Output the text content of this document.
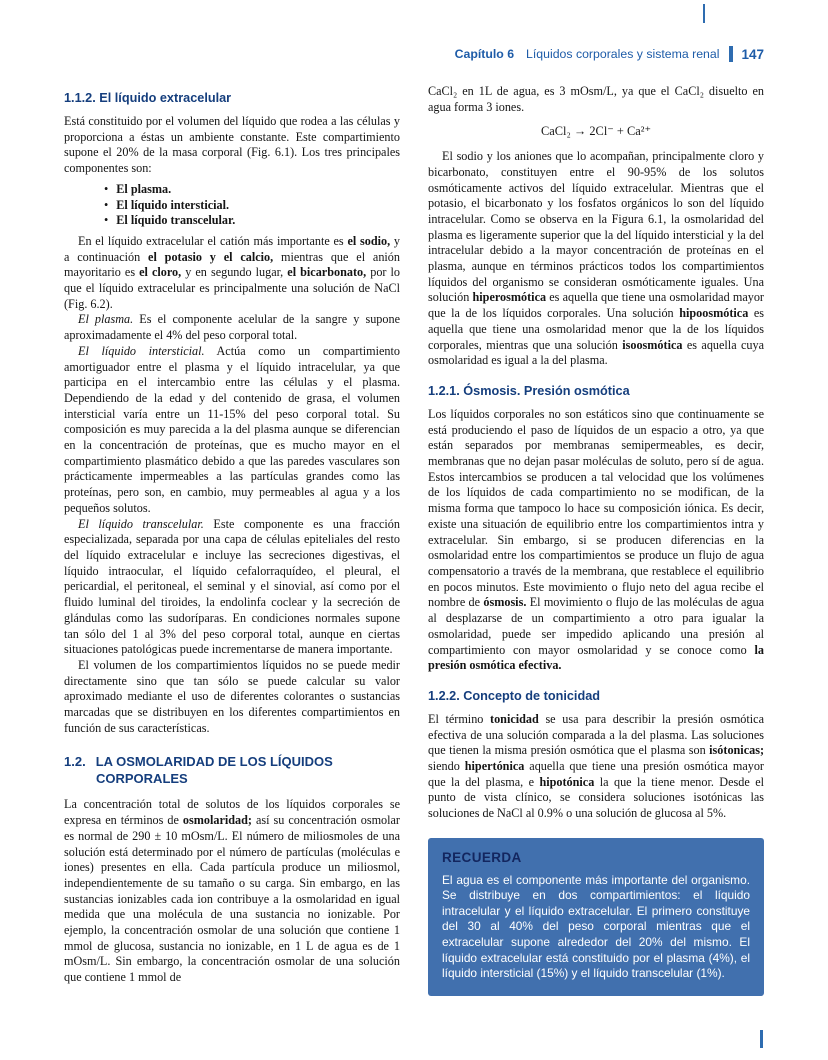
Capítulo 6 Líquidos corporales y sistema renal 147
1.1.2. El líquido extracelular

Está constituido por el volumen del líquido que rodea a las células y proporciona a éstas un ambiente constante. Este compartimiento supone el 20% de la masa corporal (Fig. 6.1). Los tres principales componentes son:

• El plasma.
• El líquido intersticial.
• El líquido transcelular.

En el líquido extracelular el catión más importante es el sodio, y a continuación el potasio y el calcio, mientras que el anión mayoritario es el cloro, y en segundo lugar, el bicarbonato, por lo que el líquido extracelular es principalmente una solución de NaCl (Fig. 6.2).

El plasma. Es el componente acelular de la sangre y supone aproximadamente el 4% del peso corporal total.

El líquido intersticial. Actúa como un compartimiento amortiguador entre el plasma y el líquido intracelular, ya que participa en el intercambio entre las células y el plasma. Dependiendo de la edad y del contenido de grasa, el volumen intersticial varía entre un 11-15% del peso corporal total. Su composición es muy parecida a la del plasma aunque se diferencian en la concentración de proteínas, que es mucho mayor en el compartimiento plasmático debido a que las paredes vasculares son prácticamente impermeables a las partículas grandes como las proteínas, pero son, en cambio, muy permeables al agua y a los pequeños solutos.

El líquido transcelular. Este componente es una fracción especializada, separada por una capa de células epiteliales del resto del líquido extracelular e incluye las secreciones digestivas, el líquido intraocular, el líquido cefalorraquídeo, el pleural, el pericardial, el peritoneal, el seminal y el sinovial, así como por el fluido luminal del tiroides, la endolinfa coclear y la secreción de glándulas como las sudoríparas. En condiciones normales supone tan sólo del 1 al 3% del peso corporal total, aunque en ciertas situaciones patológicas puede incrementarse de manera importante.

El volumen de los compartimientos líquidos no se puede medir directamente sino que tan sólo se puede calcular su valor aproximado mediante el uso de diferentes colorantes o sustancias marcadas que se distribuyen en los diferentes compartimientos en función de sus características.

1.2. LA OSMOLARIDAD DE LOS LÍQUIDOS CORPORALES

La concentración total de solutos de los líquidos corporales se expresa en términos de osmolaridad; así su concentración osmolar es normal de 290 ± 10 mOsm/L. El número de miliosmoles de una solución está determinado por el número de partículas (moléculas e iones) presentes en ella. Cada partícula produce un miliosmol, independientemente de su tamaño o su carga. Sin embargo, en las sustancias ionizables cada ion contribuye a la osmolaridad en igual medida que una molécula de una sustancia no ionizable. Por ejemplo, la concentración osmolar de una solución que contiene 1 mmol de glucosa, sustancia no ionizable, en 1 L de agua es de 1 mOsm/L. Sin embargo, la concentración osmolar de una solución que contiene 1 mmol de

CaCl₂ en 1L de agua, es 3 mOsm/L, ya que el CaCl₂ disuelto en agua forma 3 iones.

CaCl₂ → 2Cl⁻ + Ca²⁺

El sodio y los aniones que lo acompañan, principalmente cloro y bicarbonato, constituyen entre el 90-95% de los solutos osmóticamente activos del líquido extracelular. Mientras que el potasio, el bicarbonato y los fosfatos orgánicos lo son del líquido intracelular. Como se observa en la Figura 6.1, la osmolaridad del plasma es ligeramente superior que la del líquido intersticial y la del intracelular debido a la mayor concentración de proteínas en el plasma, aunque en términos prácticos todos los compartimientos líquidos del organismo se consideran osmóticamente iguales. Una solución hiperosmótica es aquella que tiene una osmolaridad mayor que la de los líquidos corporales. Una solución hipoosmótica es aquella que tiene una osmolaridad menor que la de los líquidos corporales, mientras que una solución isoosmótica es aquella cuya osmolaridad es igual a la del plasma.

1.2.1. Ósmosis. Presión osmótica

Los líquidos corporales no son estáticos sino que continuamente se está produciendo el paso de líquidos de un espacio a otro, ya que están separados por membranas semipermeables, es decir, membranas que no dejan pasar moléculas de soluto, pero sí de agua. Estos intercambios se producen a tal velocidad que los volúmenes de los líquidos de cada compartimiento no se modifican, de la misma forma que tampoco lo hace su composición iónica. Es decir, existe una situación de equilibrio entre los compartimientos intra y extracelular. Sin embargo, si se producen diferencias en la osmolaridad entre los compartimientos se produce un flujo de agua compensatorio a través de la membrana, que restablece el equilibrio en pocos minutos. Este movimiento o flujo neto del agua recibe el nombre de ósmosis. El movimiento o flujo de las moléculas de agua al desplazarse de un compartimiento a otro para igualar la osmolaridad, puede ser impedido aplicando una presión al compartimiento con mayor osmolaridad y se conoce como la presión osmótica efectiva.

1.2.2. Concepto de tonicidad

El término tonicidad se usa para describir la presión osmótica efectiva de una solución comparada a la del plasma. Las soluciones que tienen la misma presión osmótica que el plasma son isótonicas; siendo hipertónica aquella que tiene una presión osmótica mayor que la del plasma, e hipotónica la que la tiene menor. Desde el punto de vista clínico, se considera soluciones isotónicas las soluciones de NaCl al 0.9% o una solución de glucosa al 5%.

RECUERDA

El agua es el componente más importante del organismo. Se distribuye en dos compartimientos: el líquido intracelular y el líquido extracelular. El primero constituye del 30 al 40% del peso corporal mientras que el extracelular supone alrededor del 20% del mismo. El líquido extracelular está constituido por el plasma (4%), el líquido intersticial (15%) y el líquido transcelular (1%).
